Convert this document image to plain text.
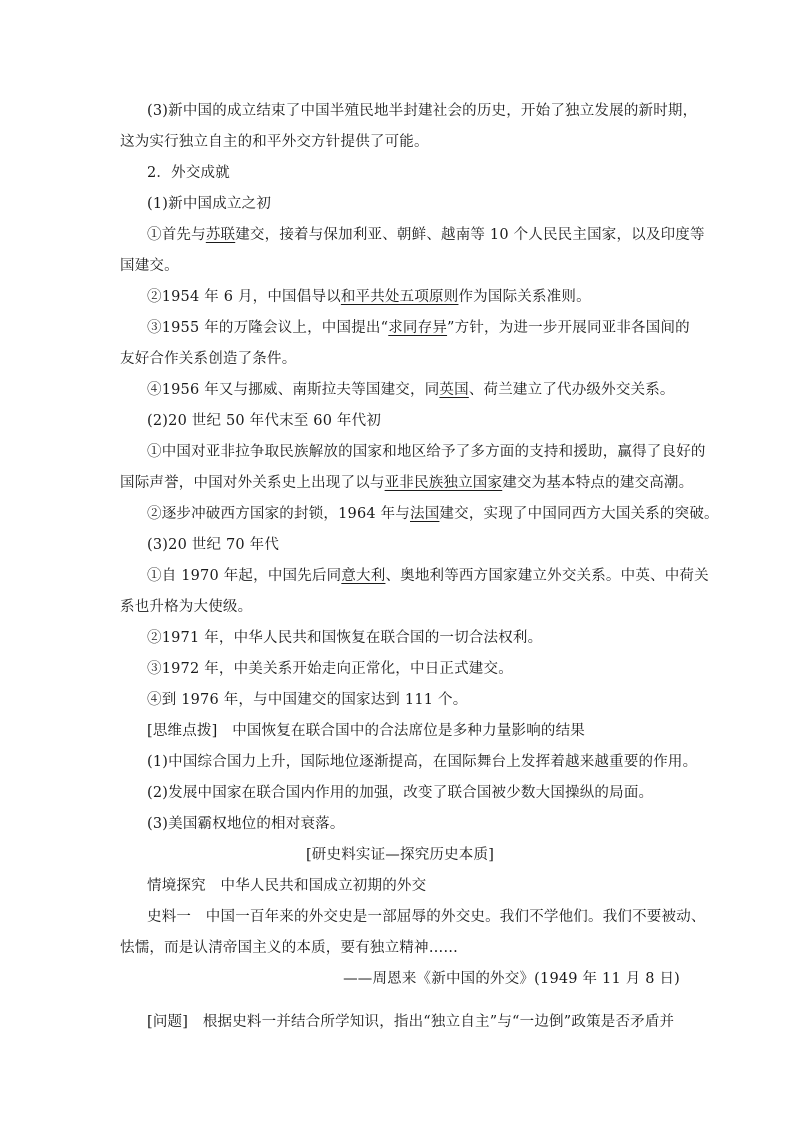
(3)新中国的成立结束了中国半殖民地半封建社会的历史，开始了独立发展的新时期，
这为实行独立自主的和平外交方针提供了可能。
2．外交成就
(1)新中国成立之初
①首先与苏联建交，接着与保加利亚、朝鲜、越南等 10 个人民民主国家，以及印度等
国建交。
②1954 年 6 月，中国倡导以和平共处五项原则作为国际关系准则。
③1955 年的万隆会议上，中国提出“求同存异”方针，为进一步开展同亚非各国间的
友好合作关系创造了条件。
④1956 年又与挪威、南斯拉夫等国建交，同英国、荷兰建立了代办级外交关系。
(2)20 世纪 50 年代末至 60 年代初
①中国对亚非拉争取民族解放的国家和地区给予了多方面的支持和援助，赢得了良好的
国际声誉，中国对外关系史上出现了以与亚非民族独立国家建交为基本特点的建交高潮。
②逐步冲破西方国家的封锁，1964 年与法国建交，实现了中国同西方大国关系的突破。
(3)20 世纪 70 年代
①自 1970 年起，中国先后同意大利、奥地利等西方国家建立外交关系。中英、中荷关
系也升格为大使级。
②1971 年，中华人民共和国恢复在联合国的一切合法权利。
③1972 年，中美关系开始走向正常化，中日正式建交。
④到 1976 年，与中国建交的国家达到 111 个。
[思维点拨]　中国恢复在联合国中的合法席位是多种力量影响的结果
(1)中国综合国力上升，国际地位逐渐提高，在国际舞台上发挥着越来越重要的作用。
(2)发展中国家在联合国内作用的加强，改变了联合国被少数大国操纵的局面。
(3)美国霸权地位的相对衰落。
[研史料实证—探究历史本质]
情境探究　中华人民共和国成立初期的外交
史料一　中国一百年来的外交史是一部屈辱的外交史。我们不学他们。我们不要被动、
怯懦，而是认清帝国主义的本质，要有独立精神……
——周恩来《新中国的外交》(1949 年 11 月 8 日)
[问题]　根据史料一并结合所学知识，指出“独立自主”与“一边倒”政策是否矛盾并
